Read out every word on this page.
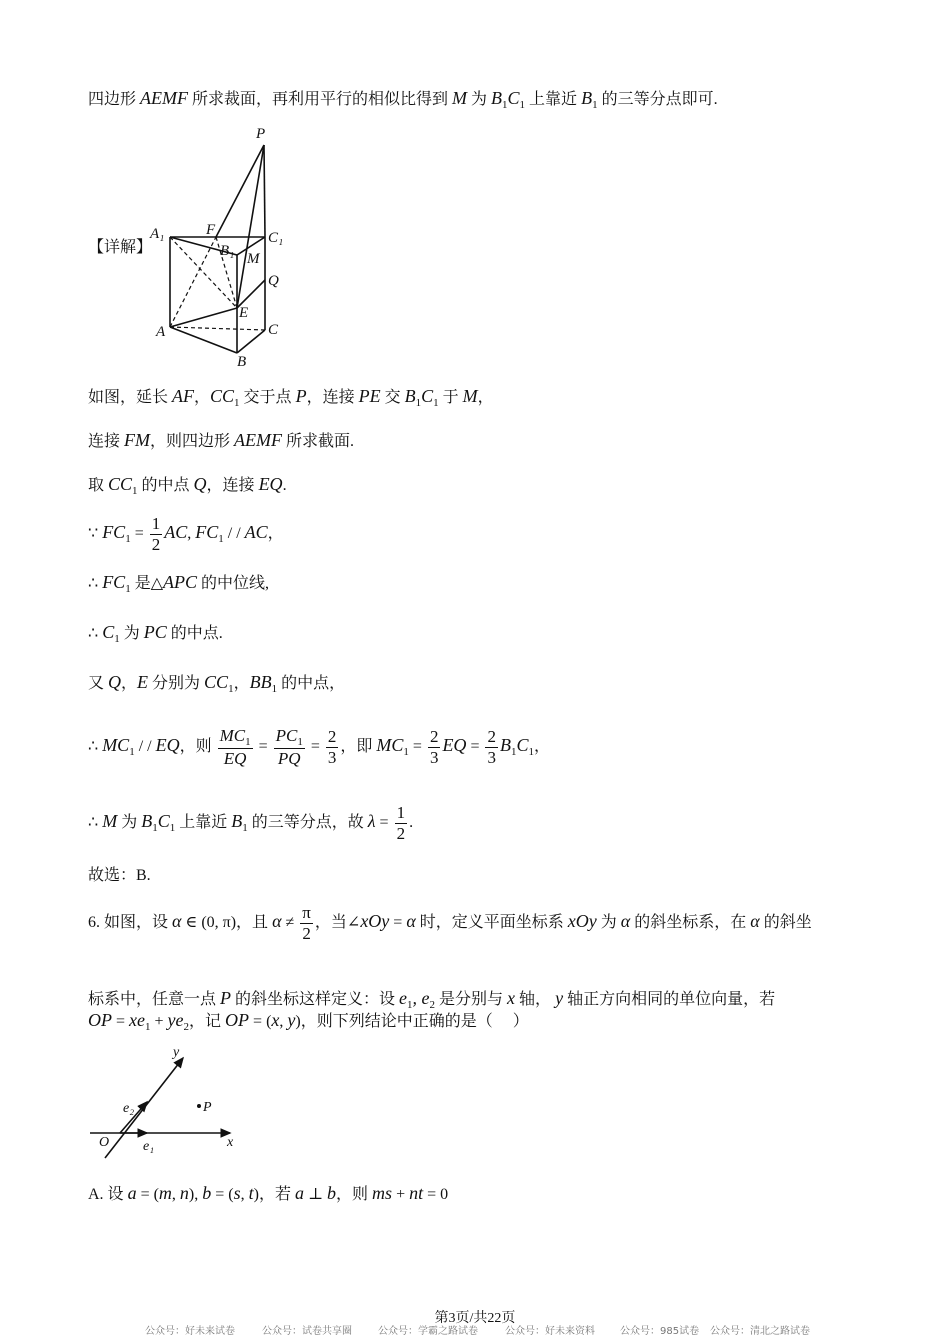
四边形 AEMF 所求裁面，再利用平行的相似比得到 M 为 $B_1C_1$ 上靠近 $B_1$ 的三等分点即可.
【详解】
P
A₁	F	C₁
B₁ M
Q
E
A	C
B
如图，延长 AF，$CC_1$ 交于点 P，连接 PE 交 $B_1C_1$ 于 M，
连接 FM，则四边形 AEMF 所求截面.
取 $CC_1$ 的中点 Q，连接 EQ.
∵ $FC_1 = \frac{1}{2}$ AC, $FC_1$ / / AC，
∴ $FC_1$ 是△APC 的中位线,
∴ $C_1$ 为 PC 的中点.
又 Q，E 分别为 $CC_1$，$BB_1$ 的中点，
∴ $MC_1$ / / EQ，则 $\frac{MC_1}{EQ} = \frac{PC_1}{PQ} = \frac{2}{3}$ ，即 $MC_1 = \frac{2}{3}$ EQ = $\frac{2}{3} B_1C_1$，
∴ M 为 $B_1C_1$ 上靠近 $B_1$ 的三等分点，故 $\lambda = \frac{1}{2}$ .
故选：B.
6. 如图，设 α ∈ (0, π)，且 $\alpha \ne \frac{\pi}{2}$ ，当∠xOy = α 时，定义平面坐标系 xOy 为 α 的斜坐标系，在 α 的斜坐
标系中，任意一点 P 的斜坐标这样定义：设 $e_1$, $e_2$ 是分别与 x 轴， y 轴正方向相同的单位向量，若
OP = $xe_1 + ye_2$，记 OP = (x, y)，则下列结论中正确的是（　 ）
y
e₂	P
O e₁	x
A. 设 a = (m, n), b = (s, t)，若 a ⊥ b，则 ms + nt = 0
第3页/共22页
公众号：好未来试卷	公众号：试卷共享圈	公众号：学霸之路试卷	公众号：好未来资料	公众号：985试卷 公众号：清北之路试卷
